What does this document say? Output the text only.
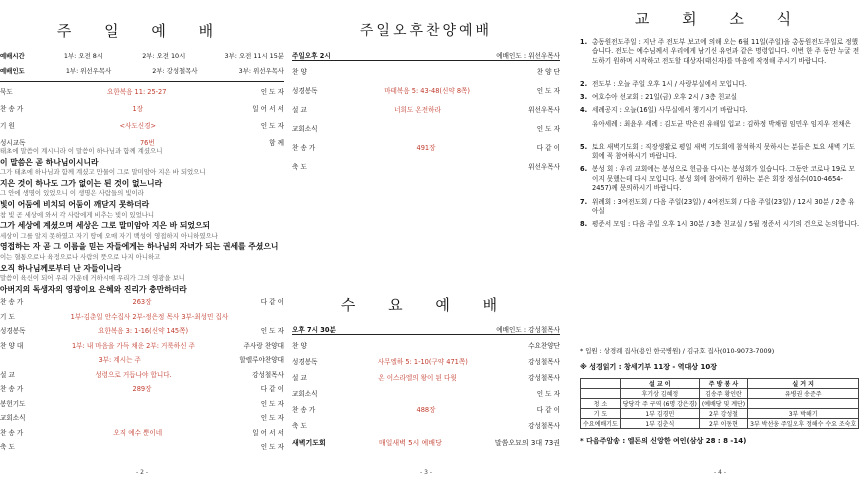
주 일 예 배
예배시간	1부: 오전 8시	2부: 오전 10시	3부: 오전 11시 15분
예배인도	1부: 위선우목사	2부: 강성철목사	3부: 위선우목사
묵도	요한복음 11: 25-27	인 도 자
찬 송 가	1장	일 어 서 서
기 원	<사도신경>	인 도 자
성시교독	76번	함 께
태초에 말씀이 계시니라 이 말씀이 하나님과 함께 계셨으니
이 말씀은 곧 하나님이시니라
그가 태초에 하나님과 함께 계셨고 만물이 그로 말미암아 지은 바 되었으니
지은 것이 하나도 그가 없이는 된 것이 없느니라
그 안에 생명이 있었으니 이 생명은 사람들의 빛이라
빛이 어둠에 비치되 어둠이 깨닫지 못하더라
참 빛 곧 세상에 와서 각 사람에게 비추는 빛이 있었나니
그가 세상에 계셨으며 세상은 그로 말미암아 지은 바 되었으되
세상이 그를 알지 못하였고 자기 땅에 오매 자기 백성이 영접하지 아니하였으나
영접하는 자 곧 그 이름을 믿는 자들에게는 하나님의 자녀가 되는 권세를 주셨으니
이는 혈통으로나 육정으로나 사람의 뜻으로 나지 아니하고
오직 하나님께로부터 난 자들이니라
말씀이 육신이 되어 우리 가운데 거하시매 우리가 그의 영광을 보니
아버지의 독생자의 영광이요 은혜와 진리가 충만하더라
찬 송 가	263장	다 같 이
기 도	1부-김춘일 안수집사 2부-정은정 목사 3부-최성민 집사
성경봉독	요한복음 3: 1-16(신약 145쪽)	인 도 자
찬 양 대	1부: 내 마음을 가득 채운 2부: 거룩하신 주	주사랑 찬양대
3부: 계시는 주	할렐루야찬양대
설 교	성령으로 거듭나야 합니다.	강성철목사
찬 송 가	289장	다 같 이
봉헌기도	인 도 자
교회소식	인 도 자
찬 송 가	오직 예수 뿐이네	일 어 서 서
축 도	인 도 자
- 2 -
주일오후찬양예배
주일오후 2시	예배인도 : 위선우목사
찬 양	찬 양 단
성경봉독	마태복음 5: 43-48(신약 8쪽)	인 도 자
설 교	너희도 온전하라	위선우목사
교회소식	인 도 자
찬 송 가	491장	다 같 이
축 도	위선우목사
수 요 예 배
오후 7시 30분	예배인도 : 강성철목사
찬 양	수요찬양단
성경봉독	사무엘하 5: 1-10(구약 471쪽)	강성철목사
설 교	온 이스라엘의 왕이 된 다윗	강성철목사
교회소식	인 도 자
찬 송 가	488장	다 같 이
축 도	강성철목사
새벽기도회	매일새벽 5시 예배당	말씀오묘의 3대 73권
- 3 -
교 회 소 식
1. 총동원전도주일 : 지난 주 전도부 보고에 의해 오는 6월 11일(주일)을 총동원전도주일로 정했습니다. 전도는 예수님께서 우리에게 남기신 유언과 같은 명령입니다. 이번 한 주 동안 누굴 전도하기 원하며 시작하고 전도할 대상자(태신자)를 마음에 작정해 주시기 바랍니다.
2. 전도부 : 오늘 주일 오후 1시 / 사랑부실에서 모입니다.
3. 여호수아 선교회 : 21일(금) 오후 2시 / 3층 친교실
4. 세례공지 : 오늘(16일) 사무실에서 챙기시기 바랍니다.
유아세례 : 최윤우 세례 : 김도균 박은진 유해일 입교 : 김하정 박채림 임민우 임지우 전채은
5. 토요 새벽기도회 : 직장생활로 평일 새벽 기도회에 참석하지 못하시는 분들은 토요 새벽 기도회에 꼭 참여하시기 바랍니다.
6. 봉성 회 : 우리 교회에는 봉성으로 헌금을 다시는 봉성회가 있습니다. 그동안 코로나 19로 모이지 못했는데 다시 모입니다. 봉성 회에 참여하기 원하는 분은 회장 정설수(010-4654-2457)께 문의하시기 바랍니다.
7. 위례회 : 3여전도회 / 다음 주일(23일) / 4여전도회 / 다음 주일(23일) / 12시 30분 / 2층 유아실
8. 평준서 모임 : 다음 주일 오후 1시 30분 / 3층 친교실 / 5월 정준서 시기의 건으로 논의합니다.
* 입원 : 상경례 집사(용인 한국병원) / 김규호 집사(010-9073-7009)
※ 성경읽기 : 창세기부 11장 - 역대상 10장
	설 교 이	주 방 봉 사	실 거 지
	후기상 김혜정	김송주 황인란	유병권 송준주
청 소	당당각 주 구역 (6명 강은경)	(예배당 및 계단)	
기 도	1부 김경민	2부 강성철	3부 박해기
수요예배기도	1부 김춘식	2부 이동현	3부 박선웅 주일오후 정해수 수요 조숙호
* 다음주암송 : 엘돈의 신앙한 여인(삼상 28 : 8 -14)
- 4 -
